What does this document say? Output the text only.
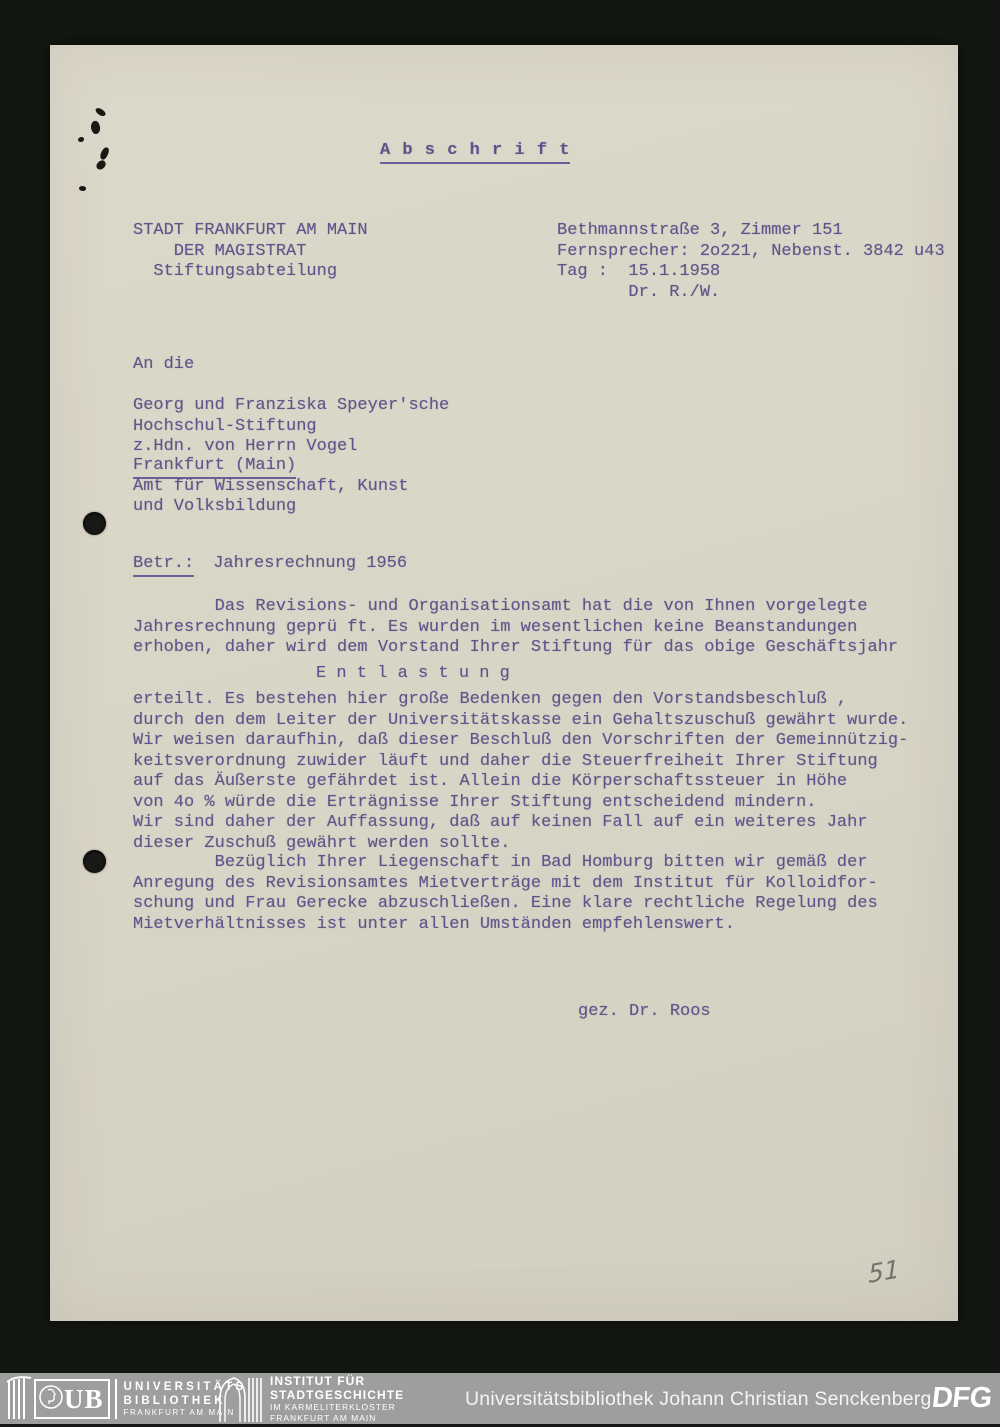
A b s c h r i f t
STADT FRANKFURT AM MAIN
DER MAGISTRAT
Stiftungsabteilung
Bethmannstraße 3, Zimmer 151
Fernsprecher: 2o221, Nebenst. 3842 u43
Tag :  15.1.1958
Dr. R./W.
An die
Georg und Franziska Speyer'sche
Hochschul-Stiftung
z.Hdn. von Herrn Vogel
Frankfurt (Main)
Amt für Wissenschaft, Kunst
und Volksbildung
Betr.: Jahresrechnung 1956
Das Revisions- und Organisationsamt hat die von Ihnen vorgelegte
Jahresrechnung geprü ft. Es wurden im wesentlichen keine Beanstandungen
erhoben, daher wird dem Vorstand Ihrer Stiftung für das obige Geschäftsjahr
E n t l a s t u n g
erteilt. Es bestehen hier große Bedenken gegen den Vorstandsbeschluß ,
durch den dem Leiter der Universitätskasse ein Gehaltszuschuß gewährt wurde.
Wir weisen daraufhin, daß dieser Beschluß den Vorschriften der Gemeinnützig-
keitsverordnung zuwider läuft und daher die Steuerfreiheit Ihrer Stiftung
auf das Äußerste gefährdet ist. Allein die Körperschaftssteuer in Höhe
von 4o % würde die Erträgnisse Ihrer Stiftung entscheidend mindern.
Wir sind daher der Auffassung, daß auf keinen Fall auf ein weiteres Jahr
dieser Zuschuß gewährt werden sollte.
Bezüglich Ihrer Liegenschaft in Bad Homburg bitten wir gemäß der
Anregung des Revisionsamtes Mietverträge mit dem Institut für Kolloidfor-
schung und Frau Gerecke abzuschließen. Eine klare rechtliche Regelung des
Mietverhältnisses ist unter allen Umständen empfehlenswert.
gez. Dr. Roos
51
UB UNIVERSITÄTS
BIBLIOTHEK
FRANKFURT AM MAIN
INSTITUT FÜR
STADTGESCHICHTE
IM KARMELITERKLOSTER
FRANKFURT AM MAIN
Universitätsbibliothek Johann Christian Senckenberg DFG
